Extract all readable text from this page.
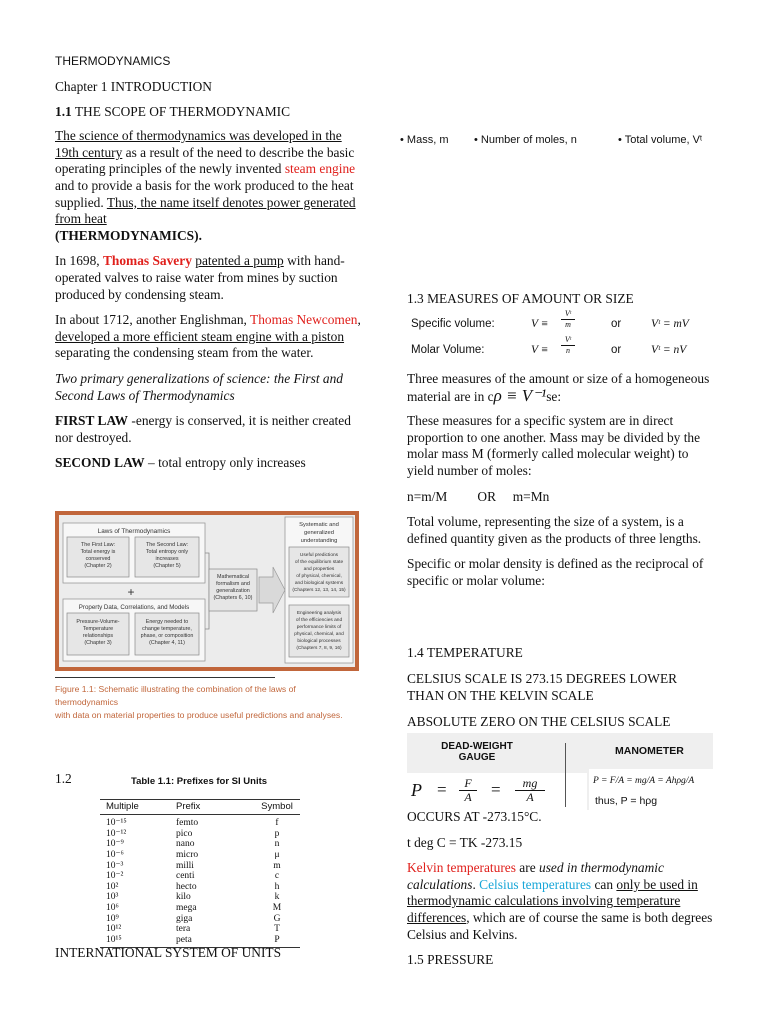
THERMODYNAMICS

Chapter 1 INTRODUCTION

1.1 THE SCOPE OF THERMODYNAMIC

The science of thermodynamics was developed in the 19th century as a result of the need to describe the basic operating principles of the newly invented steam engine and to provide a basis for the work produced to the heat supplied. Thus, the name itself denotes power generated from heat
(THERMODYNAMICS).

In 1698, Thomas Savery patented a pump with hand-operated valves to raise water from mines by suction produced by condensing steam.

In about 1712, another Englishman, Thomas Newcomen, developed a more efficient steam engine with a piston separating the condensing steam from the water.

Two primary generalizations of science: the First and Second Laws of Thermodynamics

FIRST LAW -energy is conserved, it is neither created nor destroyed.

SECOND LAW – total entropy only increases

Laws of Thermodynamics
The First Law:
Total energy is
conserved
(Chapter 2)
The Second Law:
Total entropy only
increases
(Chapter 5)
+
Property Data, Correlations, and Models
Pressure-Volume-
Temperature
relationships
(Chapter 3)
Energy needed to
change temperature,
phase, or composition
(Chapter 4, 11)
Mathematical
formalism and
generalization
(Chapters 6, 10)
Systematic and
generalized
understanding
Useful predictions
of the equilibrium state
and properties
of physical, chemical,
and biological systems
(Chapters 12, 13, 14, 15)
Engineering analysis
of the efficiencies and
performance limits of
physical, chemical, and
biological processes
(Chapters 7, 8, 9, 16)
Figure 1.1: Schematic illustrating the combination of the laws of thermodynamics
with data on material properties to produce useful predictions and analyses.
1.2	Table 1.1: Prefixes for SI Units
Multiple	Prefix	Symbol
10⁻¹⁵	femto	f
10⁻¹²	pico	p
10⁻⁹	nano	n
10⁻⁶	micro	μ
10⁻³	milli	m
10⁻²	centi	c
10²	hecto	h
10³	kilo	k
10⁶	mega	M
10⁹	giga	G
10¹²	tera	T
10¹⁵	peta	P
INTERNATIONAL SYSTEM OF UNITS
• Mass, m • Number of moles, n	• Total volume, Vᵗ
1.3 MEASURES OF AMOUNT OR SIZE
Specific volume:	V ≡
Vᵗ
m	or	Vᵗ = mV
Molar Volume:	V ≡
Vᵗ
n	or	Vᵗ = nV

Three measures of the amount or size of a homogeneous material are in cρ ≡ V⁻¹se:

These measures for a specific system are in direct proportion to one another. Mass may be divided by the molar mass M (formerly called molecular weight) to yield number of moles:

n=m/M         OR     m=Mn

Total volume, representing the size of a system, is a defined quantity given as the products of three lengths.

Specific or molar density is defined as the reciprocal of specific or molar volume:

1.4 TEMPERATURE
CELSIUS SCALE IS 273.15 DEGREES LOWER THAN ON THE KELVIN SCALE
ABSOLUTE ZERO ON THE CELSIUS SCALE
DEAD-WEIGHT
GAUGE
P =	F
A	=	mg
A
MANOMETER
P = F/A = mg/A = Ahρg/A
thus, P = hρg

OCCURS AT -273.15°C.

t deg C = TK -273.15

Kelvin temperatures are used in thermodynamic calculations. Celsius temperatures can only be used in thermodynamic calculations involving temperature differences, which are of course the same is both degrees Celsius and Kelvins.

1.5 PRESSURE
